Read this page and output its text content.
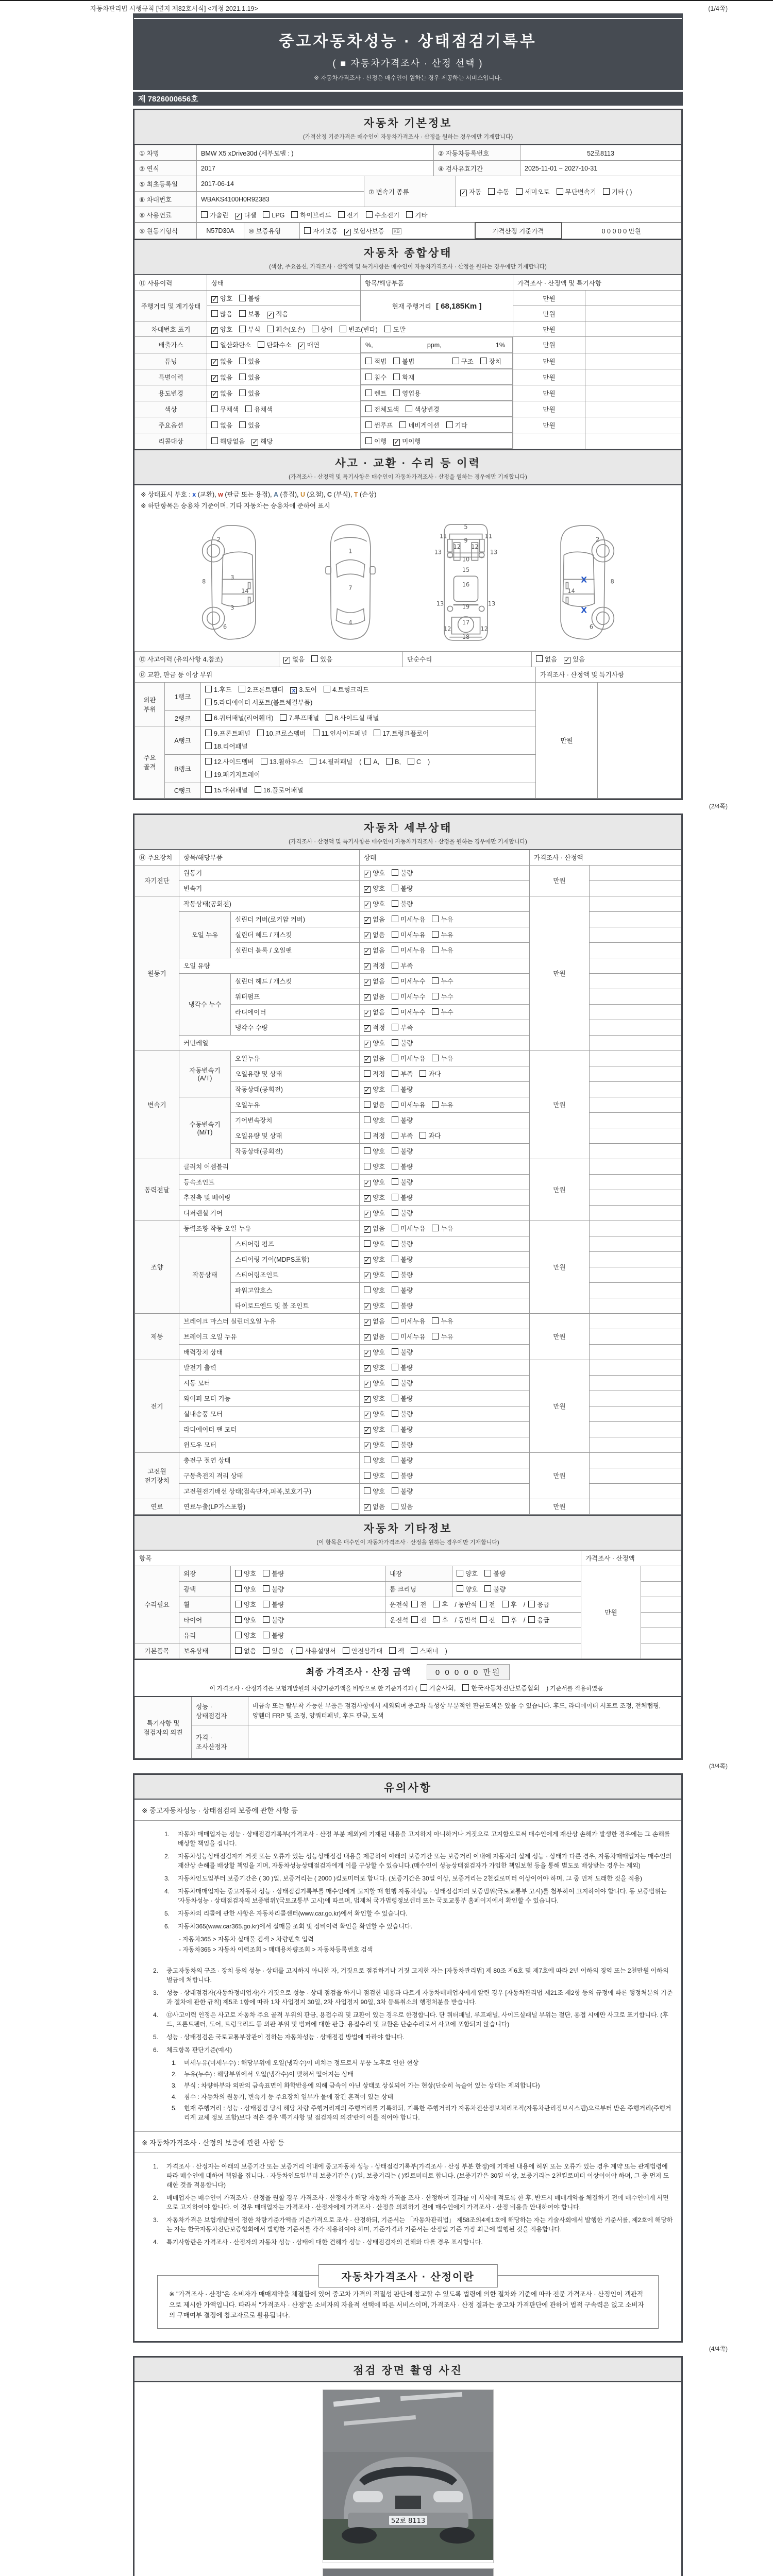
자동차관리법 시행규칙 [별지 제82호서식] <개정 2021.1.19>	(1/4쪽)
중고자동차성능 · 상태점검기록부
( ■ 자동차가격조사 · 산정 선택 )
※ 자동차가격조사 · 산정은 매수인이 원하는 경우 제공하는 서비스입니다.
제 7826000656호
자동차 기본정보
(가격산정 기준가격은 매수인이 자동차가격조사 · 산정을 원하는 경우에만 기재합니다)
① 차명	BMW X5 xDrive30d (세부모델 : )	② 자동차등록번호	52로8113
③ 연식	2017	④ 검사유효기간	2025-11-01 ~ 2027-10-31
⑤ 최초등록일	2017-06-14	⑦ 변속기 종류	✓ 자동 수동 세미오토 무단변속기 기타 ( )
⑥ 차대번호	WBAKS4100H0R92383		
⑧ 사용연료	가솔린 ✓ 디젤 LPG 하이브리드 전기 수소전기 기타
⑨ 원동기형식	N57D30A	⑩ 보증유형	자가보증 ✓ 보험사보증 KB	가격산정 기준가격	0 0 0 0 0 만원
자동차 종합상태
(색상, 주요옵션, 가격조사 · 산정액 및 특기사항은 매수인이 자동차가격조사 · 산정을 원하는 경우에만 기재합니다)
⑪ 사용이력	상태	항목/해당부품	가격조사 · 산정액 및 특기사항	
주행거리 및 계기상태	✓ 양호 불량	현재 주행거리 [ 68,185Km ]	만원	
	많음 보통 ✓ 적음		만원	
차대번호 표기	✓ 양호 부식 훼손(오손) 상이 변조(변타) 도말		만원	
배출가스	일산화탄소 탄화수소 ✓ 매연		%,	ppm,	1%	만원	
튜닝	✓ 없음 있음		적법	불법	구조	장치	만원	
특별이력	✓ 없음 있음		침수	화재	만원	
용도변경	✓ 없음 있음		렌트	영업용	만원	
색상	무채색 유채색		전체도색	색상변경	만원	
주요옵션	없음 있음		썬루프	네비게이션	기타	만원	
리콜대상	해당없음 ✓ 해당		이행 ✓ 미이행

사고 · 교환 · 수리 등 이력
(가격조사 · 산정액 및 특기사항은 매수인이 자동차가격조사 · 산정을 원하는 경우에만 기재합니다)
※ 상태표시 부호 : x (교환), w (판금 또는 용접), A (흠집), U (요철), C (부식), T (손상)
※ 하단항목은 승용차 기준이며, 기타 자동차는 승용차에 준하여 표시
2
8
3
14
3
6
1
7
4
5
9
11	11
13	13
12 12
10
15
16
19
13	13
17
12	12
18
2
8
14
6
X
X
⑫ 사고이력 (유의사항 4.참조)	✓ 없음 있음	단순수리	없음 ✓ 있음
⑬ 교환, 판금 등 이상 부위			가격조사 · 산정액 및 특기사항	
외판 부위	1랭크	1.후드 2.프론트휀더 x 3.도어 4.트렁크리드
5.라디에이터 서포트(볼트체결부품)	만원	
	2랭크	6.쿼터패널(리어휀더) 7.루프패널 8.사이드실 패널		
주요 골격	A랭크	9.프론트패널 10.크로스멤버 11.인사이드패널 17.트렁크플로어
18.리어패널		
	B랭크	12.사이드멤버 13.휠하우스 14.필러패널 ( A, B, C )
19.패키지트레이		
	C랭크	15.대쉬패널 16.플로어패널		
(2/4쪽)
자동차 세부상태
(가격조사 · 산정액 및 특기사항은 매수인이 자동차가격조사 · 산정을 원하는 경우에만 기재합니다)
⑭ 주요장치	항목/해당부품		상태	가격조사 · 산정액	
자기진단	원동기		✓ 양호 불량	만원	
	변속기		✓ 양호 불량		
원동기	작동상태(공회전)		✓ 양호 불량	만원	
	오일 누유	실린더 커버(로커암 커버)	✓ 없음 미세누유 누유		
		실린더 헤드 / 개스킷	✓ 없음 미세누유 누유		
		실린더 블록 / 오일팬	✓ 없음 미세누유 누유		
	오일 유량		✓ 적정 부족		
	냉각수 누수	실린더 헤드 / 개스킷	✓ 없음 미세누수 누수		
		워터펌프	✓ 없음 미세누수 누수		
		라디에이터	✓ 없음 미세누수 누수		
		냉각수 수량	✓ 적정 부족		
	커먼레일		✓ 양호 불량		
변속기	자동변속기 (A/T)	오일누유	✓ 없음 미세누유 누유	만원	
		오일유량 및 상태	적정 부족 과다		
		작동상태(공회전)	✓ 양호 불량		
	수동변속기 (M/T)	오일누유	없음 미세누유 누유		
		기어변속장치	양호 불량		
		오일유량 및 상태	적정 부족 과다		
		작동상태(공회전)	양호 불량		
동력전달	클러치 어셈블리		양호 불량	만원	
	등속조인트		✓ 양호 불량		
	추진축 및 베어링		✓ 양호 불량		
	디퍼렌셜 기어		✓ 양호 불량		
조향	동력조향 작동 오일 누유		✓ 없음 미세누유 누유	만원	
	작동상태	스티어링 펌프	양호 불량		
		스티어링 기어(MDPS포함)	✓ 양호 불량		
		스티어링조인트	✓ 양호 불량		
		파워고압호스	양호 불량		
		타이로드엔드 및 볼 조인트	✓ 양호 불량		
제동	브레이크 마스터 실린더오일 누유		✓ 없음 미세누유 누유	만원	
	브레이크 오일 누유		✓ 없음 미세누유 누유		
	배력장치 상태		✓ 양호 불량		
전기	발전기 출력		✓ 양호 불량	만원	
	시동 모터		✓ 양호 불량		
	와이퍼 모터 기능		✓ 양호 불량		
	실내송풍 모터		✓ 양호 불량		
	라디에이터 팬 모터		✓ 양호 불량		
	윈도우 모터		✓ 양호 불량		
고전원 전기장치	충전구 절연 상태		양호 불량	만원	
	구동축전지 격리 상태		양호 불량		
	고전원전기배선 상태(접속단자,피복,보호기구)		양호 불량		
연료	연료누출(LP가스포함)		✓ 없음 있음	만원	
자동차 기타정보
(이 항목은 매수인이 자동차가격조사 · 산정을 원하는 경우에만 기재합니다)
항목					가격조사 · 산정액	
수리필요	외장	양호 불량	내장	양호 불량	만원	
	광택	양호 불량	룸 크리닝	양호 불량		
	휠	양호 불량	운전석 전 후 / 동반석 전 후 / 응급			
	타이어	양호 불량	운전석 전 후 / 동반석 전 후 / 응급			
	유리	양호 불량				
기본품목	보유상태	없음 있음 ( 사용설명서 안전삼각대 잭 스패너 )				
최종 가격조사 · 산정 금액	0 0 0 0 0 만원
이 가격조사 · 산정가격은 보험개발원의 차량기준가액을 바탕으로 한 기준가격과 ( 기술사회, 한국자동차진단보증협회 ) 기준서를 적용하였음
특기사항 및 점검자의 의견	성능 · 상태점검자	비금속 또는 탈부착 가능한 부품은 점검사항에서 제외되며 중고차 특성상 부분적인 판금도색은 있을 수 있습니다. 후드, 라디에이터 서포트 조정, 전체랩핑, 양휀더 FRP 및 조정, 양쿼터패널, 후드 판금, 도색
	가격 · 조사산정자	
(3/4쪽)
유의사항
※ 중고자동차성능 · 상태점검의 보증에 관한 사항 등
1.	자동차 매매업자는 성능 · 상태점검기록부(가격조사 · 산정 부분 제외)에 기재된 내용을 고지하지 아니하거나 거짓으로 고지함으로써 매수인에게 재산상 손해가 발생한 경우에는 그 손해를 배상할 책임을 집니다.
2.	자동차성능상태점검자가 거짓 또는 오류가 있는 성능상태점검 내용을 제공하여 아래의 보증기간 또는 보증거리 이내에 자동차의 실제 성능 · 상태가 다른 경우, 자동차매매업자는 매수인의 재산상 손해를 배상할 책임을 지며, 자동차성능상태점검자에게 이를 구상할 수 있습니다.(매수인이 성능상태점검자가 가입한 책임보험 등을 통해 별도로 배상받는 경우는 제외)
3.	자동차인도일부터 보증기간은 ( 30 )일, 보증거리는 ( 2000 )킬로미터로 합니다. (보증기간은 30일 이상, 보증거리는 2천킬로미터 이상이어야 하며, 그 중 먼저 도래한 것을 적용)
4.	자동차매매업자는 중고자동차 성능 · 상태점검기록부를 매수인에게 고지할 때 현행 자동차성능 · 상태점검자의 보증범위(국토교통부 고시)를 첨부하여 고지하여야 합니다. 동 보증범위는 '자동차성능 · 상태점검자의 보증범위'(국토교통부 고시)에 따르며, 법제처 국가법령정보센터 또는 국토교통부 홈페이지에서 확인할 수 있습니다.
5.	자동차의 리콜에 관한 사항은 자동차리콜센터(www.car.go.kr)에서 확인할 수 있습니다.
6.	자동차365(www.car365.go.kr)에서 실매물 조회 및 정비이력 확인을 확인할 수 있습니다.
- 자동차365 > 자동차 실매물 검색 > 차량번호 입력
- 자동차365 > 자동차 이력조회 > 매매용차량조회 > 자동차등록번호 검색
2.	중고자동차의 구조 · 장치 등의 성능 · 상태를 고지하지 아니한 자, 거짓으로 점검하거나 거짓 고지한 자는 [자동차관리법] 제 80조 제6호 및 제7호에 따라 2년 이하의 징역 또는 2천만원 이하의 벌금에 처합니다.
3.	성능 · 상태점검자(자동차정비업자)가 거짓으로 성능 · 상태 점검을 하거나 점검한 내용과 다르게 자동차매매업자에게 알린 경우 [자동차관리법 제21조 제2항 등의 규정에 따른 행정처분의 기준과 절차에 관한 규칙] 제5조 1항에 따라 1차 사업정지 30일, 2차 사업정지 90일, 3차 등록취소의 행정처분을 받습니다.
4.	⑫사고이력 인정은 사고로 자동차 주요 골격 부위의 판금, 용접수리 및 교환이 있는 경우로 한정합니다. 단 쿼터패널, 루프패널, 사이드실패널 부위는 절단, 용접 시에만 사고로 표기합니다. (후드, 프론트펜더, 도어, 트렁크리드 등 외판 부위 및 범퍼에 대한 판금, 용접수리 및 교환은 단순수리로서 사고에 포함되지 않습니다)
5.	성능 · 상태점검은 국토교통부장관이 정하는 자동차성능 · 상태점검 방법에 따라야 합니다.
6.	체크항목 판단기준(예시)
1.	미세누유(미세누수) : 해당부위에 오일(냉각수)이 비치는 정도로서 부품 노후로 인한 현상
2.	누유(누수) : 해당부위에서 오일(냉각수)이 맺혀서 떨어지는 상태
3.	부식 : 차량하부와 외판의 금속표면이 화학반응에 의해 금속이 아닌 상태로 상실되어 가는 현상(단순히 녹슬어 있는 상태는 제외합니다)
4.	침수 : 자동차의 원동기, 변속기 등 주요장치 일부가 물에 잠긴 흔적이 있는 상태
5.	현재 주행거리 : 성능 · 상태점검 당시 해당 차량 주행거리계의 주행거리를 기록하되, 기록한 주행거리가 자동차전산정보처리조직(자동차관리정보시스템)으로부터 받은 주행거리(주행거리계 교체 정보 포함)보다 적은 경우 '특기사항 및 점검자의 의견'란에 이를 적어야 합니다.
※ 자동차가격조사 · 산정의 보증에 관한 사항 등
1.	가격조사 · 산정자는 아래의 보증기간 또는 보증거리 이내에 중고자동차 성능 · 상태점검기록부(가격조사 · 산정 부분 한정)에 기재된 내용에 허위 또는 오류가 있는 경우 계약 또는 관계법령에 따라 매수인에 대하여 책임을 집니다. · 자동차인도일부터 보증기간은 ( )일, 보증거리는 ( )킬로미터로 합니다. (보증기간은 30일 이상, 보증거리는 2천킬로미터 이상이어야 하며, 그 중 먼저 도래한 것을 적용합니다)
2.	매매업자는 매수인이 가격조사 · 산정을 원할 경우 가격조사 · 산정자가 해당 자동차 가격을 조사 · 산정하여 결과를 이 서식에 적도록 한 후, 반드시 매매계약을 체결하기 전에 매수인에게 서면으로 고지하여야 합니다. 이 경우 매매업자는 가격조사 · 산정자에게 가격조사 · 산정을 의뢰하기 전에 매수인에게 가격조사 · 산정 비용을 안내하여야 합니다.
3.	자동차가격은 보험개발원이 정한 차량기준가액을 기준가격으로 조사 · 산정하되, 기준서는 「자동차관리법」 제58조의4제1호에 해당하는 자는 기술사회에서 발행한 기준서를, 제2호에 해당하는 자는 한국자동차진단보증협회에서 발행한 기준서를 각각 적용하여야 하며, 기준가격과 기준서는 산정일 기준 가장 최근에 발행된 것을 적용합니다.
4.	특기사항란은 가격조사 · 산정자의 자동차 성능 · 상태에 대한 견해가 성능 · 상태점검자의 견해와 다를 경우 표시합니다.
자동차가격조사 · 산정이란
※ "가격조사 · 산정"은 소비자가 매매계약을 체결함에 있어 중고차 가격의 적절성 판단에 참고할 수 있도록 법령에 의한 절차와 기준에 따라 전문 가격조사 · 산정인이 객관적으로 제시한 가액입니다. 따라서 "가격조사 · 산정"은 소비자의 자율적 선택에 따른 서비스이며, 가격조사 · 산정 결과는 중고차 가격판단에 관하여 법적 구속력은 없고 소비자의 구매여부 결정에 참고자료로 활용됩니다.
(4/4쪽)
점검 장면 촬영 사진
52로 8113
